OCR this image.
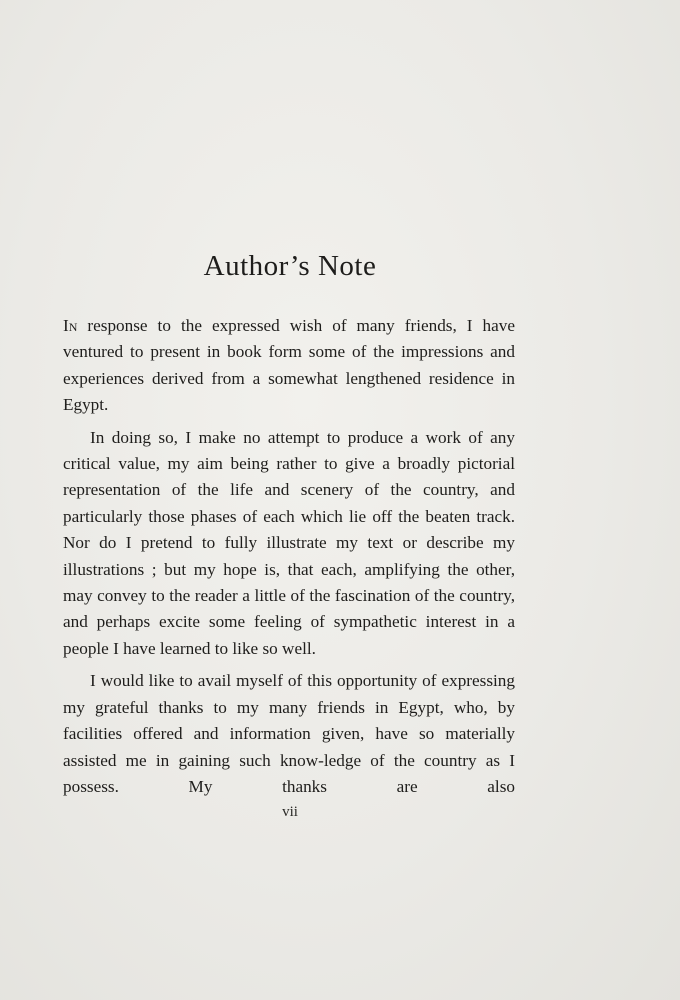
Author’s Note

In response to the expressed wish of many friends, I have ventured to present in book form some of the impressions and experiences derived from a somewhat lengthened residence in Egypt.

In doing so, I make no attempt to produce a work of any critical value, my aim being rather to give a broadly pictorial representation of the life and scenery of the country, and particularly those phases of each which lie off the beaten track. Nor do I pretend to fully illustrate my text or describe my illustrations ; but my hope is, that each, amplifying the other, may convey to the reader a little of the fascination of the country, and perhaps excite some feeling of sympathetic interest in a people I have learned to like so well.

I would like to avail myself of this opportunity of expressing my grateful thanks to my many friends in Egypt, who, by facilities offered and information given, have so materially assisted me in gaining such know-ledge of the country as I possess. My thanks are also

vii
